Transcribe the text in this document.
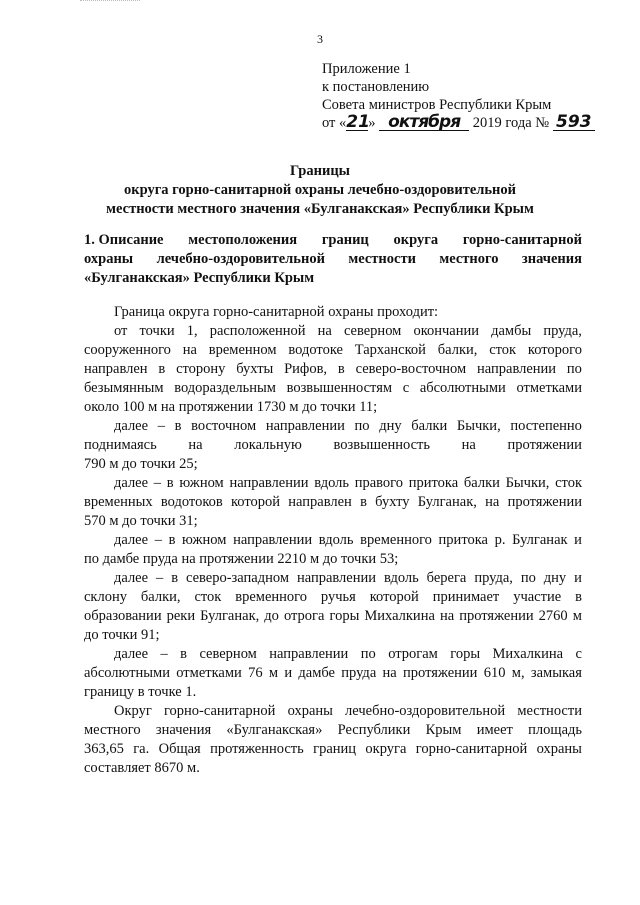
3
Приложение 1
к постановлению
Совета министров Республики Крым
от «21» октября 2019 года № 593
Границы
округа горно-санитарной охраны лечебно-оздоровительной
местности местного значения «Булганакская» Республики Крым
1. Описание местоположения границ округа горно-санитарной
охраны лечебно-оздоровительной местности местного значения
«Булганакская» Республики Крым
Граница округа горно-санитарной охраны проходит:
от точки 1, расположенной на северном окончании дамбы пруда,
сооруженного на временном водотоке Тарханской балки, сток которого
направлен в сторону бухты Рифов, в северо-восточном направлении по
безымянным водораздельным возвышенностям с абсолютными отметками
около 100 м на протяжении 1730 м до точки 11;
далее – в восточном направлении по дну балки Бычки, постепенно
поднимаясь на локальную возвышенность на протяжении
790 м до точки 25;
далее – в южном направлении вдоль правого притока балки Бычки, сток
временных водотоков которой направлен в бухту Булганак, на протяжении
570 м до точки 31;
далее – в южном направлении вдоль временного притока р. Булганак и
по дамбе пруда на протяжении 2210 м до точки 53;
далее – в северо-западном направлении вдоль берега пруда, по дну и
склону балки, сток временного ручья которой принимает участие в
образовании реки Булганак, до отрога горы Михалкина на протяжении 2760 м
до точки 91;
далее – в северном направлении по отрогам горы Михалкина с
абсолютными отметками 76 м и дамбе пруда на протяжении 610 м, замыкая
границу в точке 1.
Округ горно-санитарной охраны лечебно-оздоровительной местности
местного значения «Булганакская» Республики Крым имеет площадь
363,65 га. Общая протяженность границ округа горно-санитарной охраны
составляет 8670 м.
